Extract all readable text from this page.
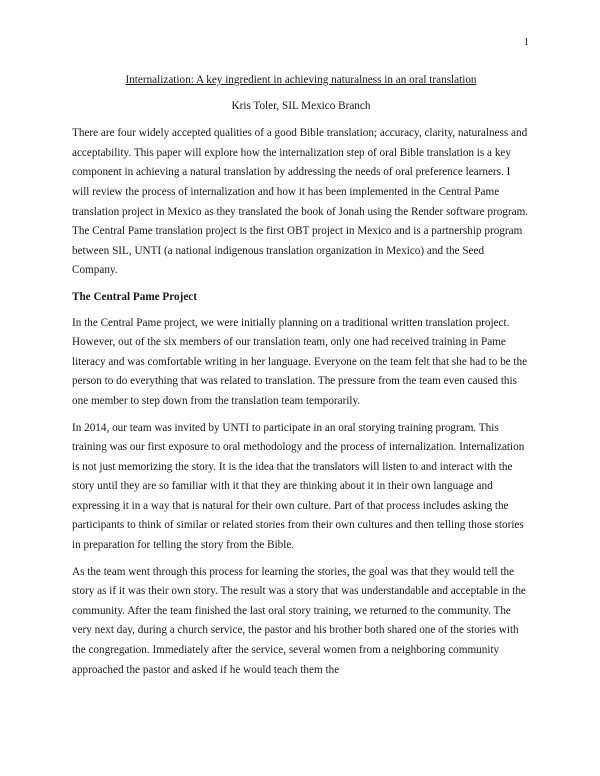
1
Internalization: A key ingredient in achieving naturalness in an oral translation
Kris Toler, SIL Mexico Branch

There are four widely accepted qualities of a good Bible translation; accuracy, clarity, naturalness and acceptability. This paper will explore how the internalization step of oral Bible translation is a key component in achieving a natural translation by addressing the needs of oral preference learners. I will review the process of internalization and how it has been implemented in the Central Pame translation project in Mexico as they translated the book of Jonah using the Render software program. The Central Pame translation project is the first OBT project in Mexico and is a partnership program between SIL, UNTI (a national indigenous translation organization in Mexico) and the Seed Company.

The Central Pame Project

In the Central Pame project, we were initially planning on a traditional written translation project. However, out of the six members of our translation team, only one had received training in Pame literacy and was comfortable writing in her language. Everyone on the team felt that she had to be the person to do everything that was related to translation. The pressure from the team even caused this one member to step down from the translation team temporarily.

In 2014, our team was invited by UNTI to participate in an oral storying training program. This training was our first exposure to oral methodology and the process of internalization. Internalization is not just memorizing the story. It is the idea that the translators will listen to and interact with the story until they are so familiar with it that they are thinking about it in their own language and expressing it in a way that is natural for their own culture. Part of that process includes asking the participants to think of similar or related stories from their own cultures and then telling those stories in preparation for telling the story from the Bible.

As the team went through this process for learning the stories, the goal was that they would tell the story as if it was their own story. The result was a story that was understandable and acceptable in the community. After the team finished the last oral story training, we returned to the community. The very next day, during a church service, the pastor and his brother both shared one of the stories with the congregation. Immediately after the service, several women from a neighboring community approached the pastor and asked if he would teach them the
